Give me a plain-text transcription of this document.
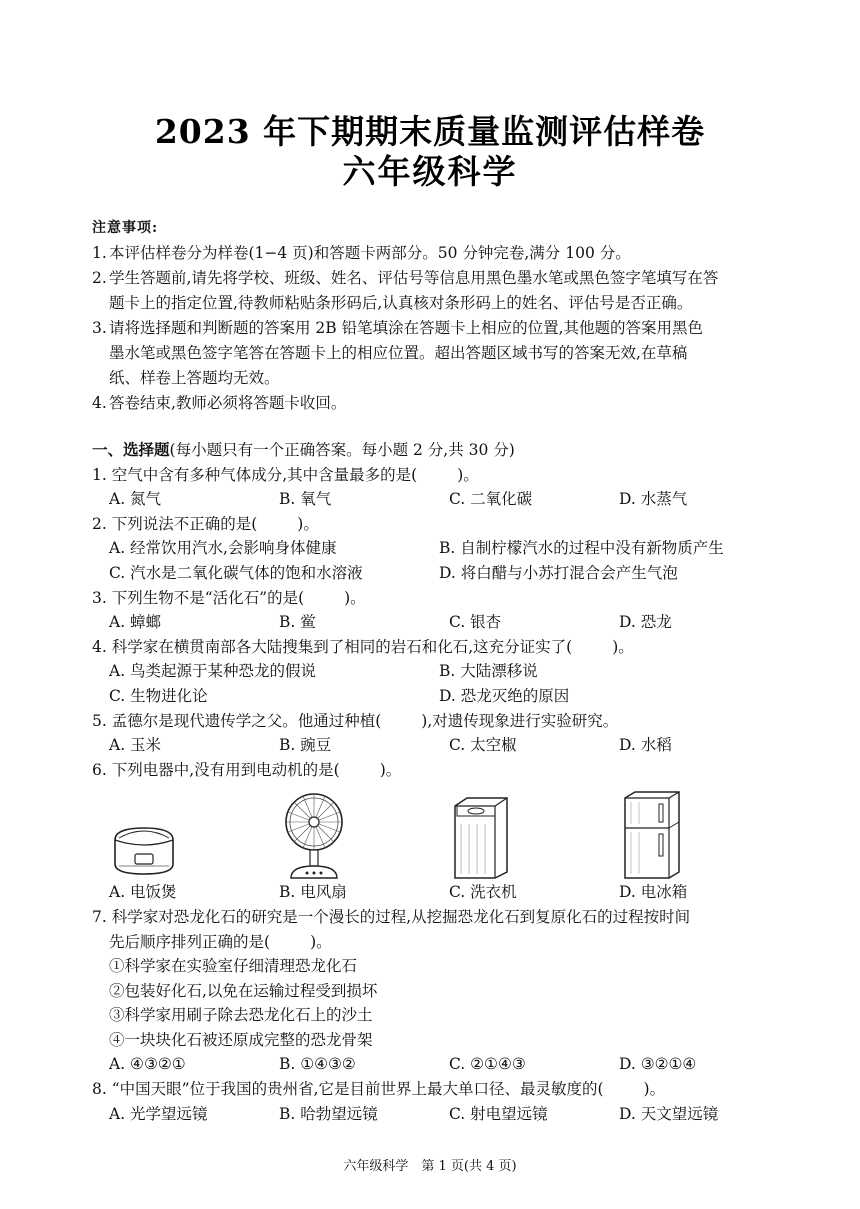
2023 年下期期末质量监测评估样卷
六年级科学
注意事项:
1. 本评估样卷分为样卷(1−4 页)和答题卡两部分。50 分钟完卷,满分 100 分。
2. 学生答题前,请先将学校、班级、姓名、评估号等信息用黑色墨水笔或黑色签字笔填写在答
题卡上的指定位置,待教师粘贴条形码后,认真核对条形码上的姓名、评估号是否正确。
3. 请将选择题和判断题的答案用 2B 铅笔填涂在答题卡上相应的位置,其他题的答案用黑色
墨水笔或黑色签字笔答在答题卡上的相应位置。超出答题区域书写的答案无效,在草稿
纸、样卷上答题均无效。
4. 答卷结束,教师必须将答题卡收回。
一、选择题(每小题只有一个正确答案。每小题 2 分,共 30 分)
1. 空气中含有多种气体成分,其中含量最多的是(	)。
A. 氮气	B. 氧气	C. 二氧化碳	D. 水蒸气
2. 下列说法不正确的是(	)。
A. 经常饮用汽水,会影响身体健康	B. 自制柠檬汽水的过程中没有新物质产生
C. 汽水是二氧化碳气体的饱和水溶液	D. 将白醋与小苏打混合会产生气泡
3. 下列生物不是“活化石”的是(	)。
A. 蟑螂	B. 鲎	C. 银杏	D. 恐龙
4. 科学家在横贯南部各大陆搜集到了相同的岩石和化石,这充分证实了(	)。
A. 鸟类起源于某种恐龙的假说	B. 大陆漂移说
C. 生物进化论	D. 恐龙灭绝的原因
5. 孟德尔是现代遗传学之父。他通过种植(	),对遗传现象进行实验研究。
A. 玉米	B. 豌豆	C. 太空椒	D. 水稻
6. 下列电器中,没有用到电动机的是(	)。
A. 电饭煲	B. 电风扇	C. 洗衣机	D. 电冰箱
7. 科学家对恐龙化石的研究是一个漫长的过程,从挖掘恐龙化石到复原化石的过程按时间
先后顺序排列正确的是(	)。
①科学家在实验室仔细清理恐龙化石
②包装好化石,以免在运输过程受到损坏
③科学家用刷子除去恐龙化石上的沙土
④一块块化石被还原成完整的恐龙骨架
A. ④③②①	B. ①④③②	C. ②①④③	D. ③②①④
8. “中国天眼”位于我国的贵州省,它是目前世界上最大单口径、最灵敏度的(	)。
A. 光学望远镜	B. 哈勃望远镜	C. 射电望远镜	D. 天文望远镜
六年级科学　第 1 页(共 4 页)
